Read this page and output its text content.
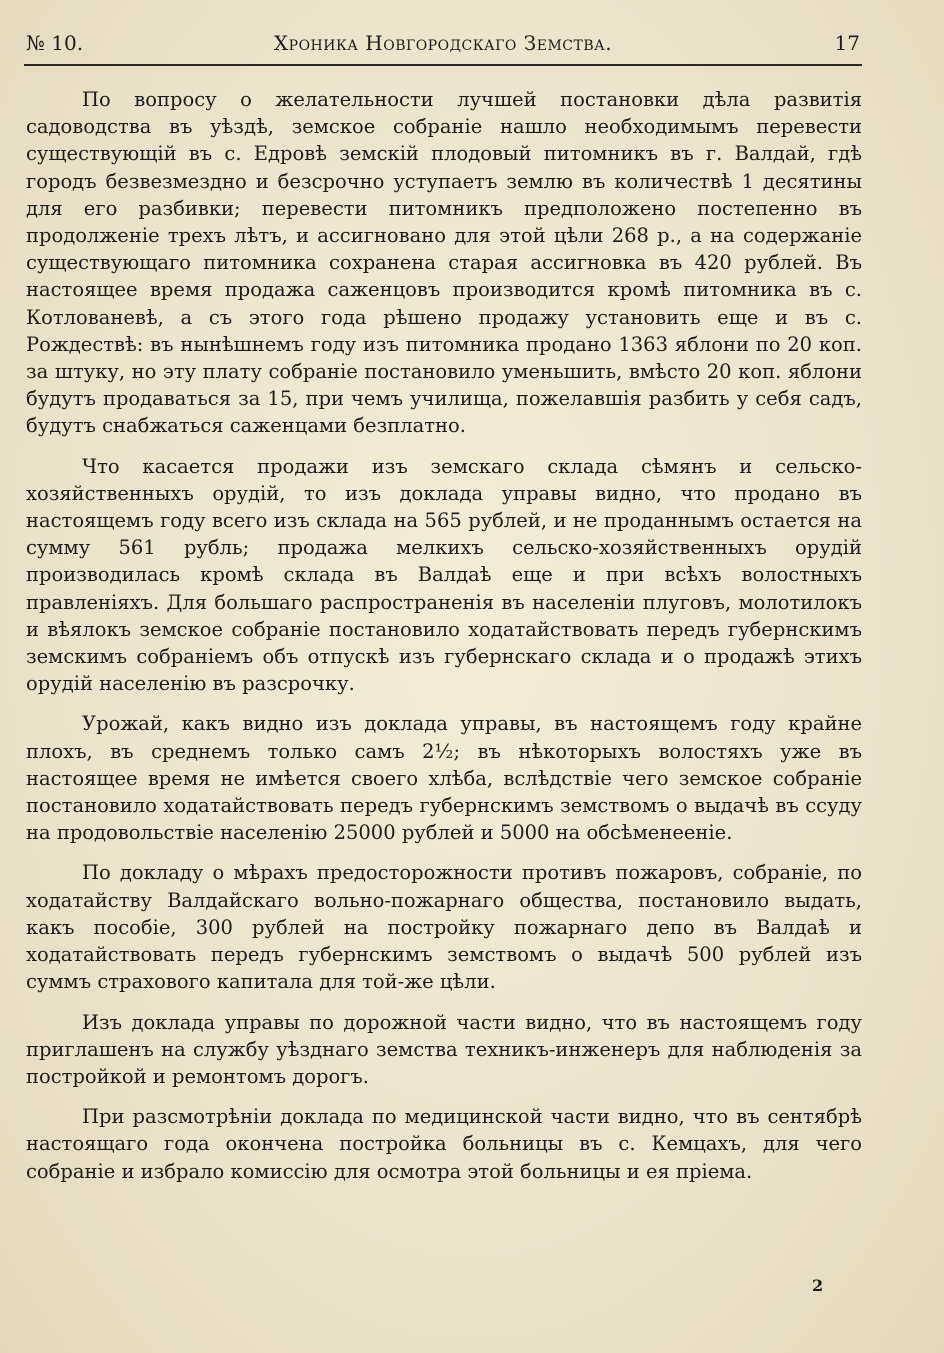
№ 10.	Хроника Новгородскаго Земства.	17

По вопросу о желательности лучшей постановки дѣла развитія садоводства въ уѣздѣ, земское собраніе нашло необходимымъ перевести существующій въ с. Едровѣ земскій плодовый питомникъ въ г. Валдай, гдѣ городъ безвезмездно и безсрочно уступаетъ землю въ количествѣ 1 десятины для его разбивки; перевести питомникъ предположено постепенно въ продолженіе трехъ лѣтъ, и ассигновано для этой цѣли 268 р., а на содержаніе существующаго питомника сохранена старая ассигновка въ 420 рублей. Въ настоящее время продажа саженцовъ производится кромѣ питомника въ с. Котлованевѣ, а съ этого года рѣшено продажу установить еще и въ с. Рождествѣ: въ нынѣшнемъ году изъ питомника продано 1363 яблони по 20 коп. за штуку, но эту плату собраніе постановило уменьшить, вмѣсто 20 коп. яблони будутъ продаваться за 15, при чемъ училища, пожелавшія разбить у себя садъ, будутъ снабжаться саженцами безплатно.

Что касается продажи изъ земскаго склада сѣмянъ и сельско-хозяйственныхъ орудій, то изъ доклада управы видно, что продано въ настоящемъ году всего изъ склада на 565 рублей, и не проданнымъ остается на сумму 561 рубль; продажа мелкихъ сельско-хозяйственныхъ орудій производилась кромѣ склада въ Валдаѣ еще и при всѣхъ волостныхъ правленіяхъ. Для большаго распространенія въ населеніи плуговъ, молотилокъ и вѣялокъ земское собраніе постановило ходатайствовать передъ губернскимъ земскимъ собраніемъ объ отпускѣ изъ губернскаго склада и о продажѣ этихъ орудій населенію въ разсрочку.

Урожай, какъ видно изъ доклада управы, въ настоящемъ году крайне плохъ, въ среднемъ только самъ 2½; въ нѣкоторыхъ волостяхъ уже въ настоящее время не имѣется своего хлѣба, вслѣдствіе чего земское собраніе постановило ходатайствовать передъ губернскимъ земствомъ о выдачѣ въ ссуду на продовольствіе населенію 25000 рублей и 5000 на обсѣменееніе.

По докладу о мѣрахъ предосторожности противъ пожаровъ, собраніе, по ходатайству Валдайскаго вольно-пожарнаго общества, постановило выдать, какъ пособіе, 300 рублей на постройку пожарнаго депо въ Валдаѣ и ходатайствовать передъ губернскимъ земствомъ о выдачѣ 500 рублей изъ суммъ страхового капитала для той-же цѣли.

Изъ доклада управы по дорожной части видно, что въ настоящемъ году приглашенъ на службу уѣзднаго земства техникъ-инженеръ для наблюденія за постройкой и ремонтомъ дорогъ.

При разсмотрѣніи доклада по медицинской части видно, что въ сентябрѣ настоящаго года окончена постройка больницы въ с. Кемцахъ, для чего собраніе и избрало комиссію для осмотра этой больницы и ея пріема.

2
